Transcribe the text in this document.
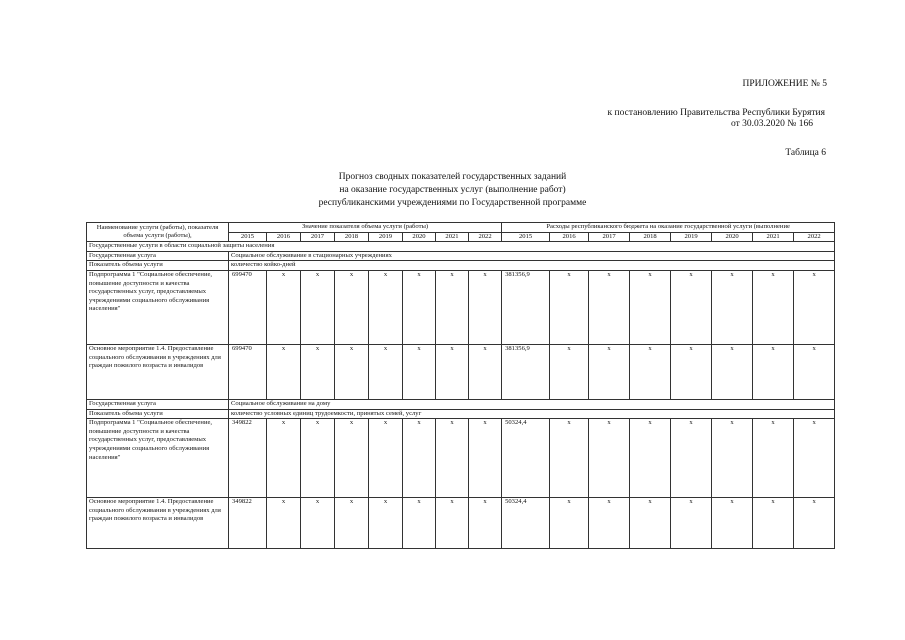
ПРИЛОЖЕНИЕ № 5
к постановлению Правительства Республики Бурятия
от 30.03.2020 № 166
Таблица 6
Прогноз сводных показателей государственных заданий
на оказание государственных услуг (выполнение работ)
республиканскими учреждениями по Государственной программе
Наименование услуги (работы), показателя объема услуги (работы),	Значение показателя объема услуги (работы)								Расходы республиканского бюджета на оказание государственной услуги (выполнение							
	2015	2016	2017	2018	2019	2020	2021	2022	2015	2016	2017	2018	2019	2020	2021	2022
Государственные услуги в области социальной защиты населения																
Государственная услуга	Социальное обслуживание в стационарных учреждениях															
Показатель объема услуги	количество койко-дней															
Подпрограмма 1 "Социальное обеспечение, повышение доступности и качества государственных услуг, предоставляемых учреждениями социального обслуживания населения"	699470	x	x	x	x	x	x	x	381356,9	x	x	x	x	x	x	x
Основное мероприятие 1.4. Предоставление социального обслуживания в учреждениях для граждан пожилого возраста и инвалидов	699470	x	x	x	x	x	x	x	381356,9	x	x	x	x	x	x	x
Государственная услуга	Социальное обслуживание на дому															
Показатель объема услуги	количество условных единиц трудоемкости, принятых семей, услуг															
Подпрограмма 1 "Социальное обеспечение, повышение доступности и качества государственных услуг, предоставляемых учреждениями социального обслуживания населения"	349822	x	x	x	x	x	x	x	50324,4	x	x	x	x	x	x	x
Основное мероприятие 1.4. Предоставление социального обслуживания в учреждениях для граждан пожилого возраста и инвалидов	349822	x	x	x	x	x	x	x	50324,4	x	x	x	x	x	x	x
